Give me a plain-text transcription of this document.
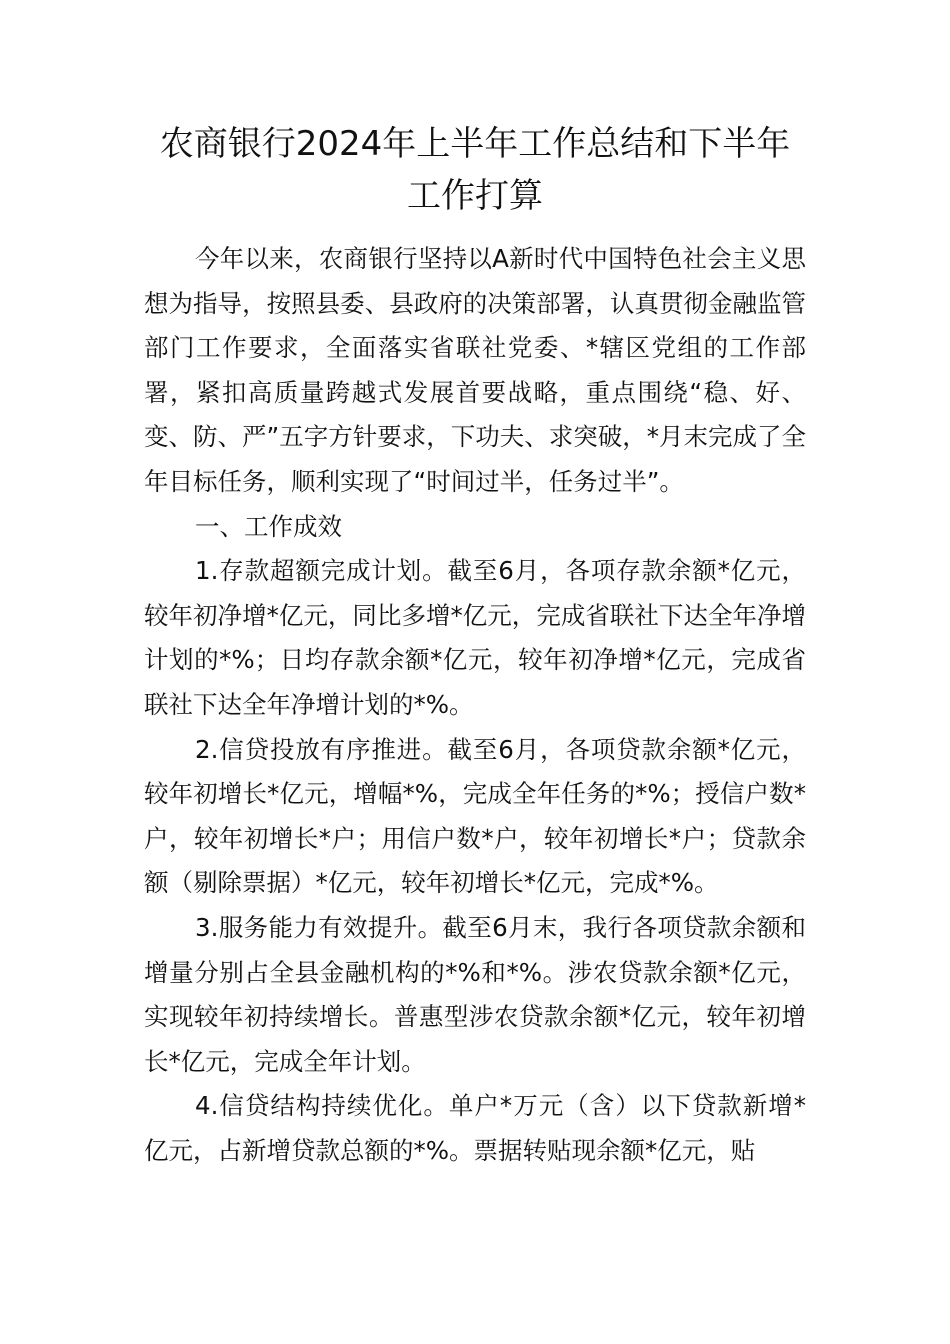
农商银行2024年上半年工作总结和下半年工作打算

今年以来，农商银行坚持以A新时代中国特色社会主义思想为指导，按照县委、县政府的决策部署，认真贯彻金融监管部门工作要求，全面落实省联社党委、*辖区党组的工作部署，紧扣高质量跨越式发展首要战略，重点围绕“稳、好、变、防、严”五字方针要求，下功夫、求突破，*月末完成了全年目标任务，顺利实现了“时间过半，任务过半”。

一、工作成效

1.存款超额完成计划。截至6月，各项存款余额*亿元，较年初净增*亿元，同比多增*亿元，完成省联社下达全年净增计划的*%；日均存款余额*亿元，较年初净增*亿元，完成省联社下达全年净增计划的*%。

2.信贷投放有序推进。截至6月，各项贷款余额*亿元，较年初增长*亿元，增幅*%，完成全年任务的*%；授信户数*户，较年初增长*户；用信户数*户，较年初增长*户；贷款余额（剔除票据）*亿元，较年初增长*亿元，完成*%。

3.服务能力有效提升。截至6月末，我行各项贷款余额和增量分别占全县金融机构的*%和*%。涉农贷款余额*亿元，实现较年初持续增长。普惠型涉农贷款余额*亿元，较年初增长*亿元，完成全年计划。

4.信贷结构持续优化。单户*万元（含）以下贷款新增*亿元，占新增贷款总额的*%。票据转贴现余额*亿元，贴
